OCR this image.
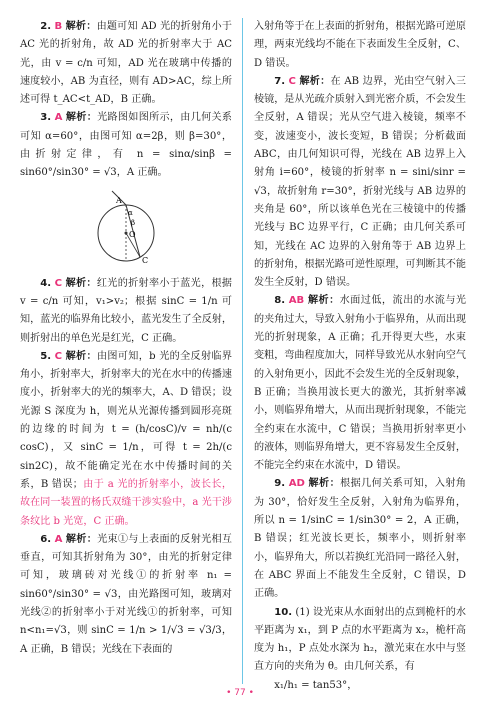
2. B 解析：由题可知 AD 光的折射角小于 AC 光的折射角，故 AD 光的折射率大于 AC 光，由 v = c/n 可知，AD 光在玻璃中传播的速度较小，AB 为直径，则有 AD>AC，综上所述可得 t_AC<t_AD，B 正确。

3. A 解析：光路图如图所示，由几何关系可知 α=60°，由图可知 α=2β，则 β=30°，由折射定律，有 n = sinα/sinβ = sin60°/sin30° = √3，A 正确。

A
O
α
β
C

4. C 解析：红光的折射率小于蓝光，根据 v = c/n 可知，v₁>v₂；根据 sinC = 1/n 可知，蓝光的临界角比较小，蓝光发生了全反射，则折射出的单色光是红光，C 正确。

5. C 解析：由图可知，b 光的全反射临界角小，折射率大，折射率大的光在水中的传播速度小，折射率大的光的频率大，A、D 错误；设光源 S 深度为 h，则光从光源传播到圆形亮斑的边缘的时间为 t = (h/cosC)/v = nh/(c cosC)，又 sinC = 1/n，可得 t = 2h/(c sin2C)，故不能确定光在水中传播时间的关系，B 错误；由于 a 光的折射率小，波长长，故在同一装置的杨氏双缝干涉实验中，a 光干涉条纹比 b 光宽，C 正确。

6. A 解析：光束①与上表面的反射光相互垂直，可知其折射角为 30°，由光的折射定律可知，玻璃砖对光线①的折射率 n₁ = sin60°/sin30° = √3，由光路图可知，玻璃对光线②的折射率小于对光线①的折射率，可知 n<n₁=√3，则 sinC = 1/n > 1/√3 = √3/3，A 正确，B 错误；光线在下表面的

入射角等于在上表面的折射角，根据光路可逆原理，两束光线均不能在下表面发生全反射，C、D 错误。

7. C 解析：在 AB 边界，光由空气射入三棱镜，是从光疏介质射入到光密介质，不会发生全反射，A 错误；光从空气进入棱镜，频率不变，波速变小，波长变短，B 错误；分析截面 ABC，由几何知识可得，光线在 AB 边界上入射角 i=60°，棱镜的折射率 n = sini/sinr = √3，故折射角 r=30°，折射光线与 AB 边界的夹角是 60°，所以该单色光在三棱镜中的传播光线与 BC 边界平行，C 正确；由几何关系可知，光线在 AC 边界的入射角等于 AB 边界上的折射角，根据光路可逆性原理，可判断其不能发生全反射，D 错误。

8. AB 解析：水面过低，流出的水流与光的夹角过大，导致入射角小于临界角，从而出现光的折射现象，A 正确；孔开得更大些，水束变粗，弯曲程度加大，同样导致光从水射向空气的入射角更小，因此不会发生光的全反射现象，B 正确；当换用波长更大的激光，其折射率减小，则临界角增大，从而出现折射现象，不能完全约束在水流中，C 错误；当换用折射率更小的液体，则临界角增大，更不容易发生全反射，不能完全约束在水流中，D 错误。

9. AD 解析：根据几何关系可知，入射角为 30°，恰好发生全反射，入射角为临界角，所以 n = 1/sinC = 1/sin30° = 2，A 正确，B 错误；红光波长更长，频率小，则折射率小，临界角大，所以若换红光沿同一路径入射，在 ABC 界面上不能发生全反射，C 错误，D 正确。

10. (1) 设光束从水面射出的点到桅杆的水平距离为 x₁，到 P 点的水平距离为 x₂，桅杆高度为 h₁，P 点处水深为 h₂，激光束在水中与竖直方向的夹角为 θ。由几何关系，有

x₁/h₁ = tan53°，

• 77 •
